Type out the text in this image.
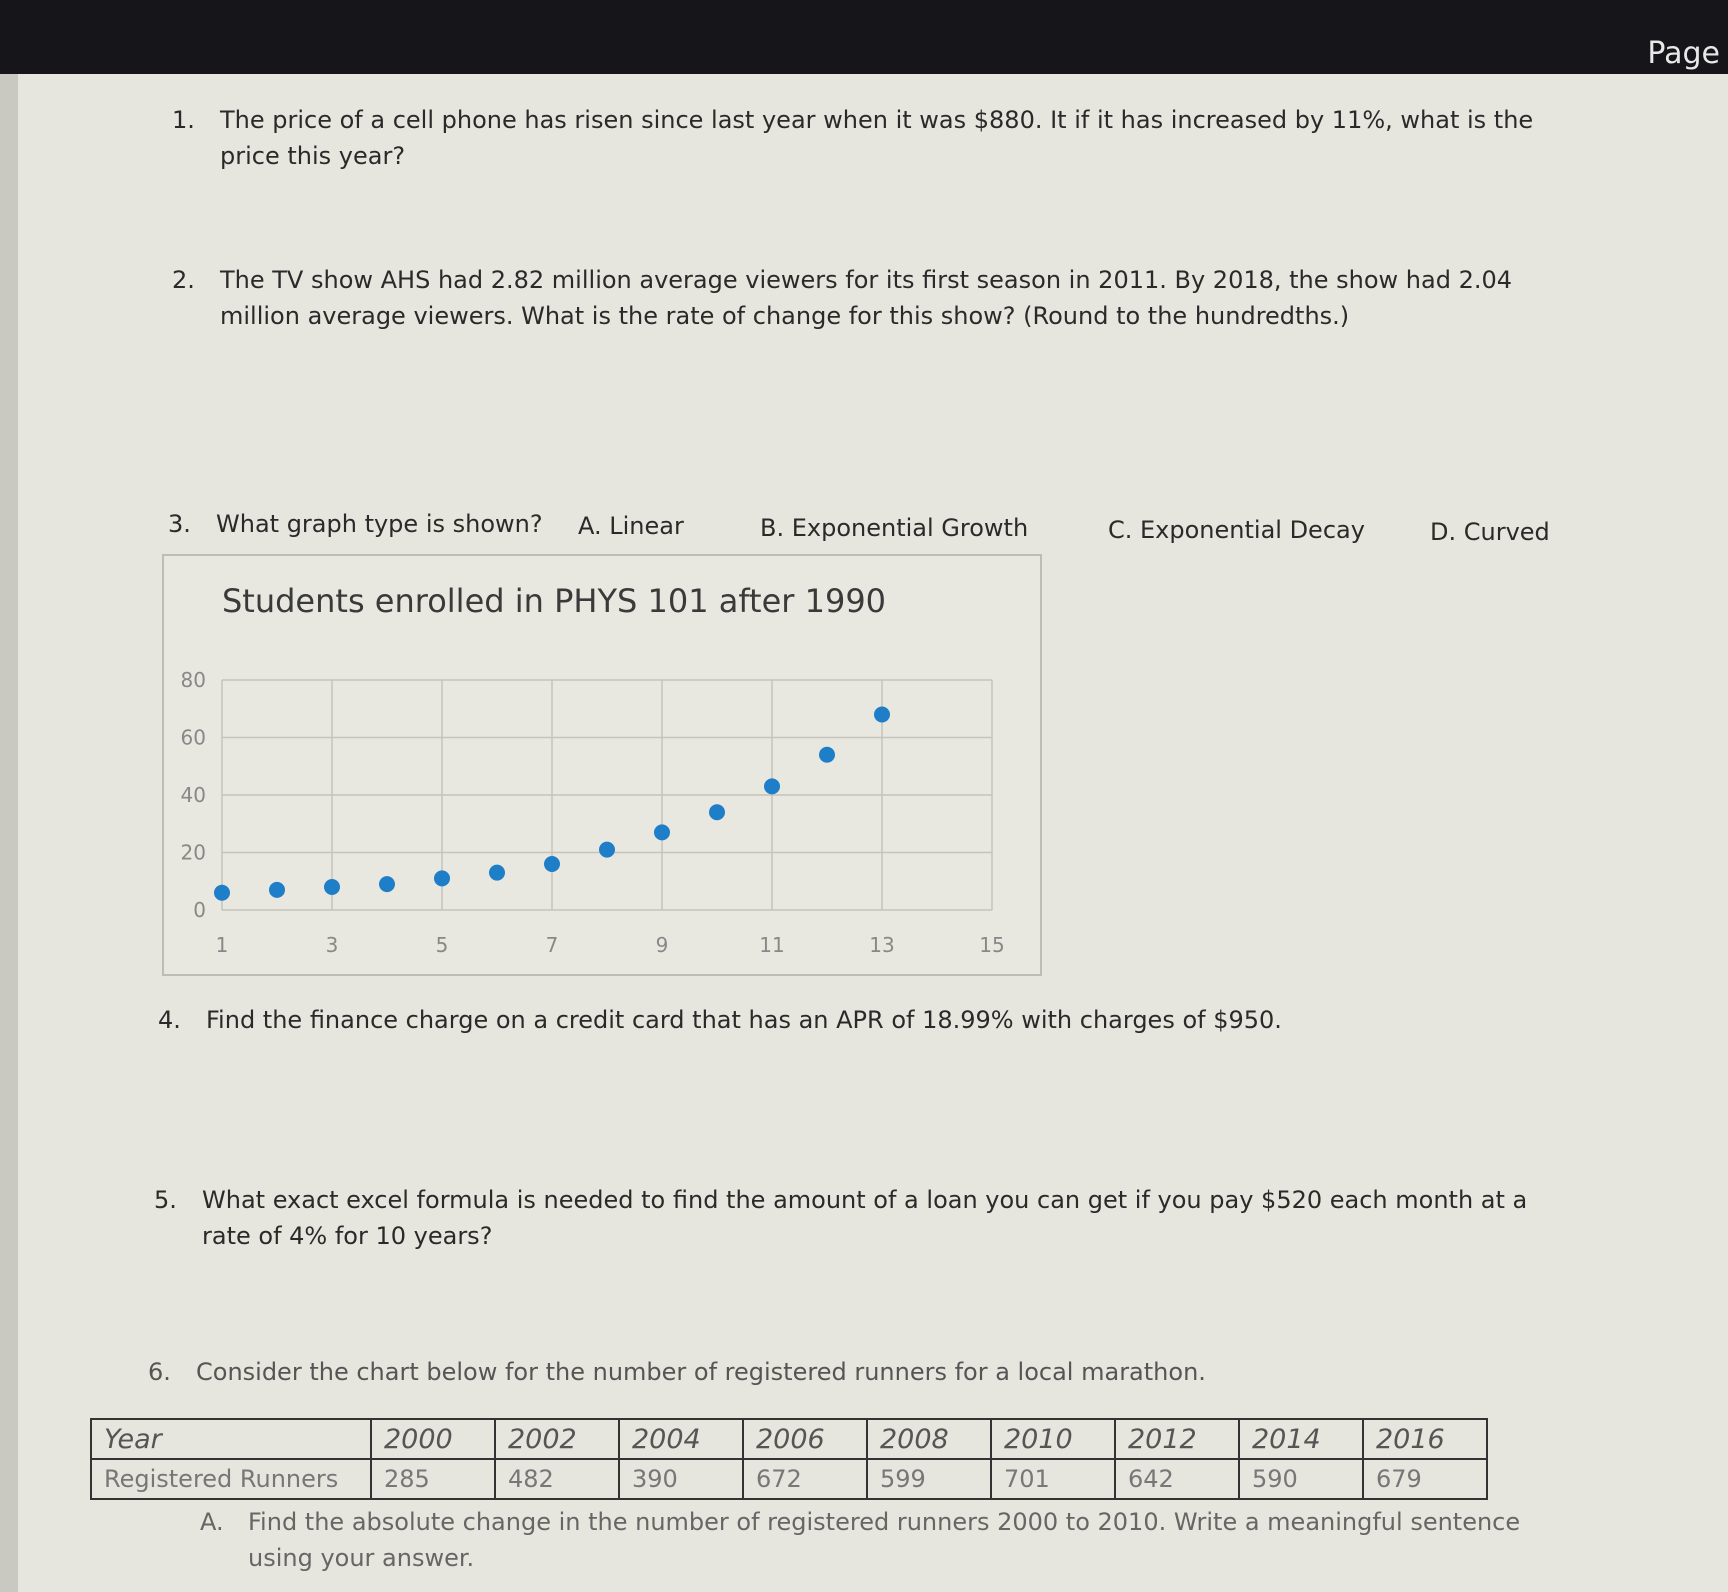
Page
1. The price of a cell phone has risen since last year when it was $880. It if it has increased by 11%, what is the price this year?
2. The TV show AHS had 2.82 million average viewers for its first season in 2011. By 2018, the show had 2.04 million average viewers. What is the rate of change for this show? (Round to the hundredths.)
3. What graph type is shown?	A. Linear	B. Exponential Growth	C. Exponential Decay	D. Curved
Students enrolled in PHYS 101 after 1990
0
20
40
60
80
1	3	5	7	9	11	13	15
4. Find the finance charge on a credit card that has an APR of 18.99% with charges of $950.
5. What exact excel formula is needed to find the amount of a loan you can get if you pay $520 each month at a rate of 4% for 10 years?
6. Consider the chart below for the number of registered runners for a local marathon.
Year	2000	2002	2004	2006	2008	2010	2012	2014	2016
Registered Runners	285	482	390	672	599	701	642	590	679
A. Find the absolute change in the number of registered runners 2000 to 2010. Write a meaningful sentence using your answer.
